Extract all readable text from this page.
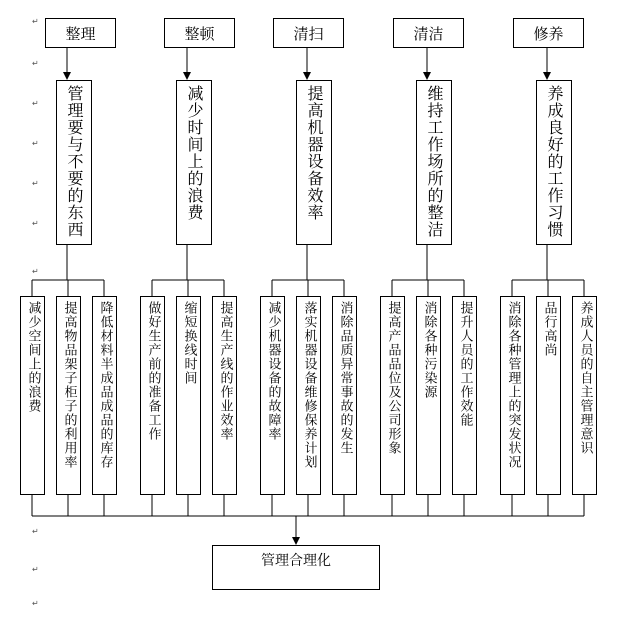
整理	整顿	清扫	清洁	修养
管理要与不要的东西	减少时间上的浪费	提高机器设备效率	维持工作场所的整洁	养成良好的工作习惯
减少空间上的浪费 提高物品架子柜子的利用率 降低材料半成品成品的库存	做好生产前的准备工作 缩短换线时间 提高生产线的作业效率	减少机器设备的故障率 落实机器设备维修保养计划 消除品质异常事故的发生	提高产品品位及公司形象 消除各种污染源 提升人员的工作效能	消除各种管理上的突发状况 品行高尚 养成人员的自主管理意识
管理合理化
↵
↵
↵
↵
↵
↵
↵
↵
↵
↵
